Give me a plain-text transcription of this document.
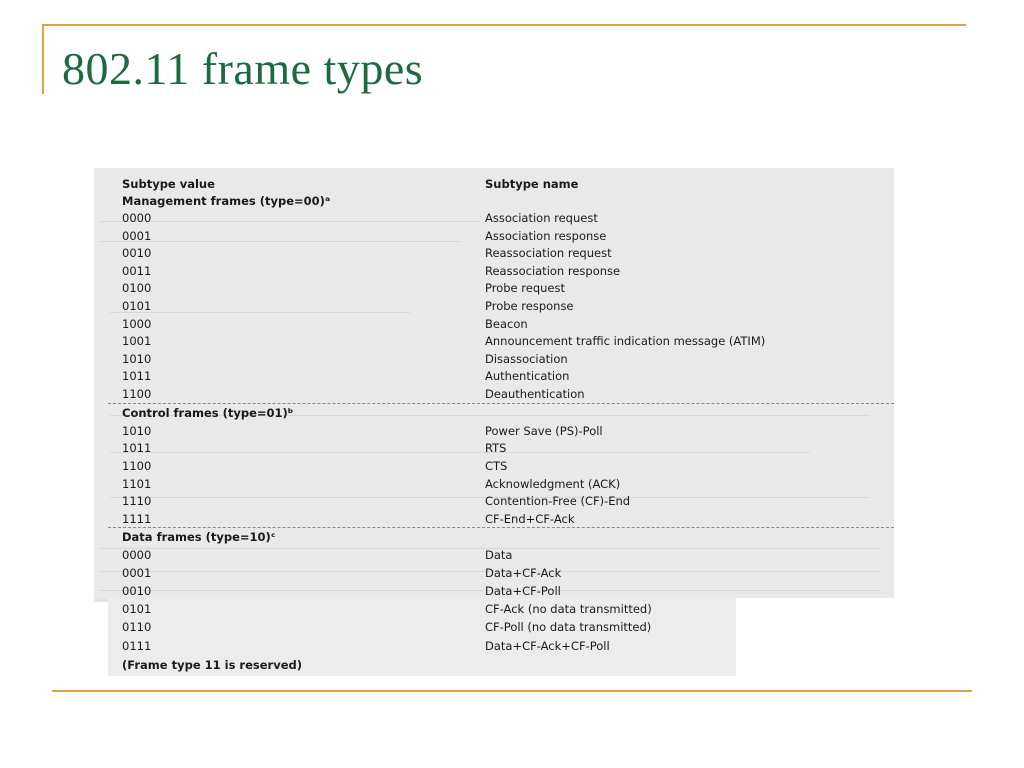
802.11 frame types
Subtype value	Subtype name
Management frames (type=00)ᵃ
0000	Association request
0001	Association response
0010	Reassociation request
0011	Reassociation response
0100	Probe request
0101	Probe response
1000	Beacon
1001	Announcement traffic indication message (ATIM)
1010	Disassociation
1011	Authentication
1100	Deauthentication
Control frames (type=01)ᵇ
1010	Power Save (PS)-Poll
1011	RTS
1100	CTS
1101	Acknowledgment (ACK)
1110	Contention-Free (CF)-End
1111	CF-End+CF-Ack
Data frames (type=10)ᶜ
0000	Data
0001	Data+CF-Ack
0010	Data+CF-Poll
0101	CF-Ack (no data transmitted)
0110	CF-Poll (no data transmitted)
0111	Data+CF-Ack+CF-Poll
(Frame type 11 is reserved)
